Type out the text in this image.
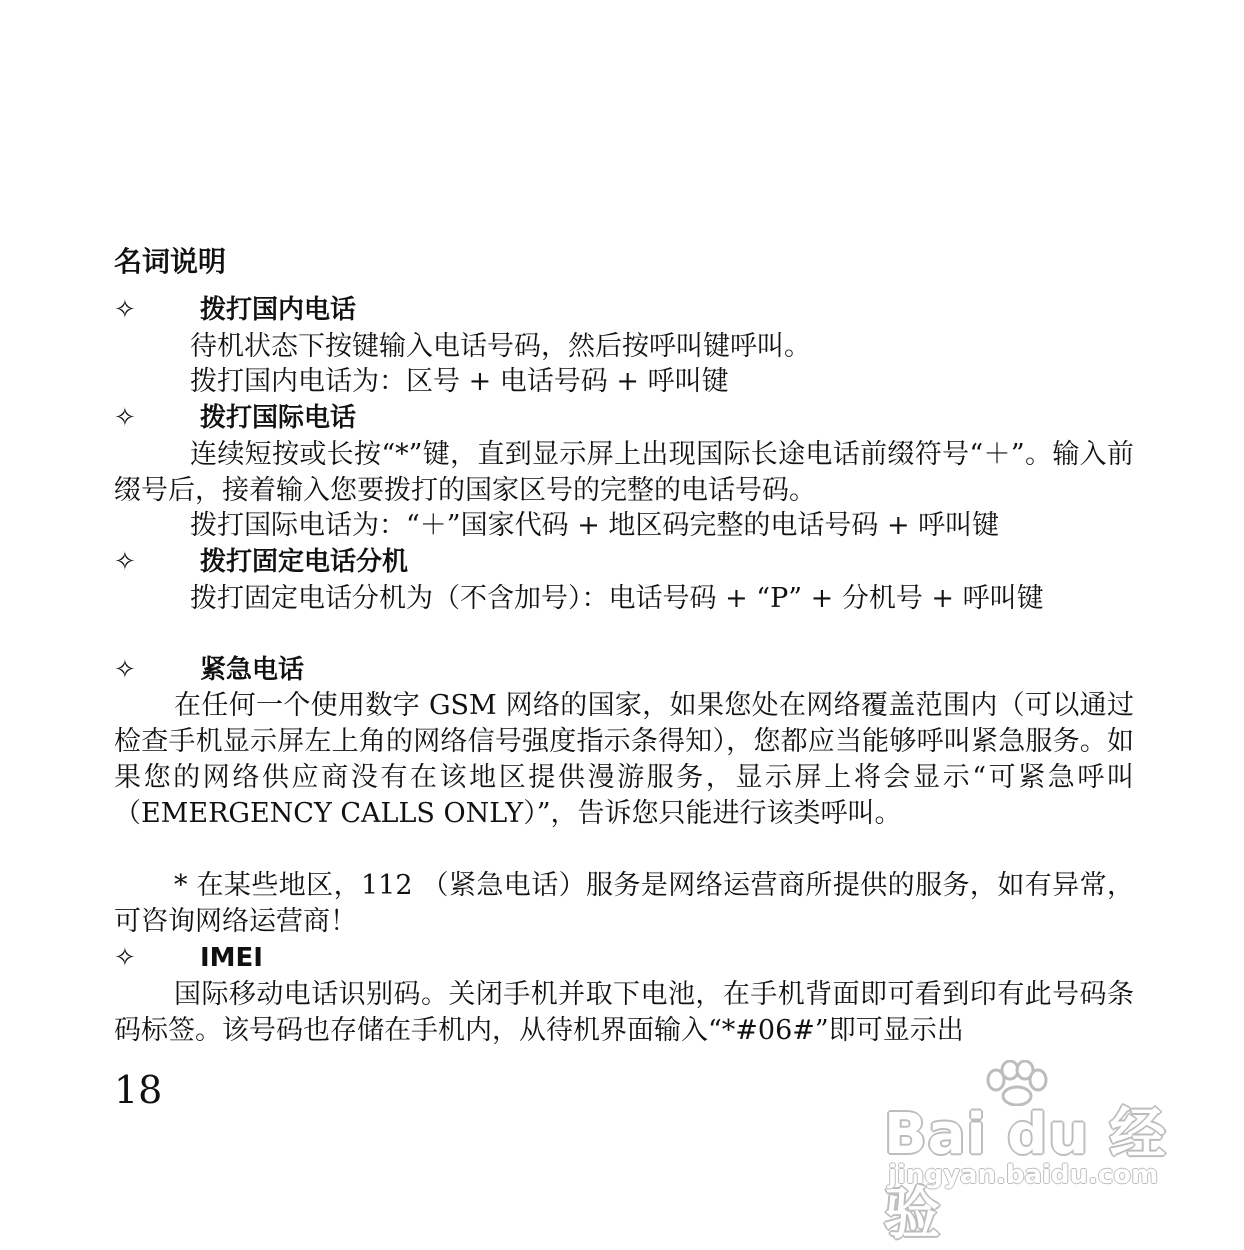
名词说明
✧ 拨打国内电话
待机状态下按键输入电话号码，然后按呼叫键呼叫。
拨打国内电话为：区号 + 电话号码 + 呼叫键
✧ 拨打国际电话
连续短按或长按“*”键，直到显示屏上出现国际长途电话前缀符号“＋”。输入前缀号后，接着输入您要拨打的国家区号的完整的电话号码。
拨打国际电话为：“＋”国家代码 + 地区码完整的电话号码 + 呼叫键
✧ 拨打固定电话分机
拨打固定电话分机为（不含加号）：电话号码 + “P” + 分机号 + 呼叫键
✧ 紧急电话
在任何一个使用数字 GSM 网络的国家，如果您处在网络覆盖范围内（可以通过检查手机显示屏左上角的网络信号强度指示条得知），您都应当能够呼叫紧急服务。如果您的网络供应商没有在该地区提供漫游服务，显示屏上将会显示“可紧急呼叫（EMERGENCY CALLS ONLY）”，告诉您只能进行该类呼叫。
* 在某些地区，112 （紧急电话）服务是网络运营商所提供的服务，如有异常，可咨询网络运营商！
✧ IMEI
国际移动电话识别码。关闭手机并取下电池，在手机背面即可看到印有此号码条码标签。该号码也存储在手机内，从待机界面输入“*#06#”即可显示出
18
Bai du 经验
jingyan.baidu.com
